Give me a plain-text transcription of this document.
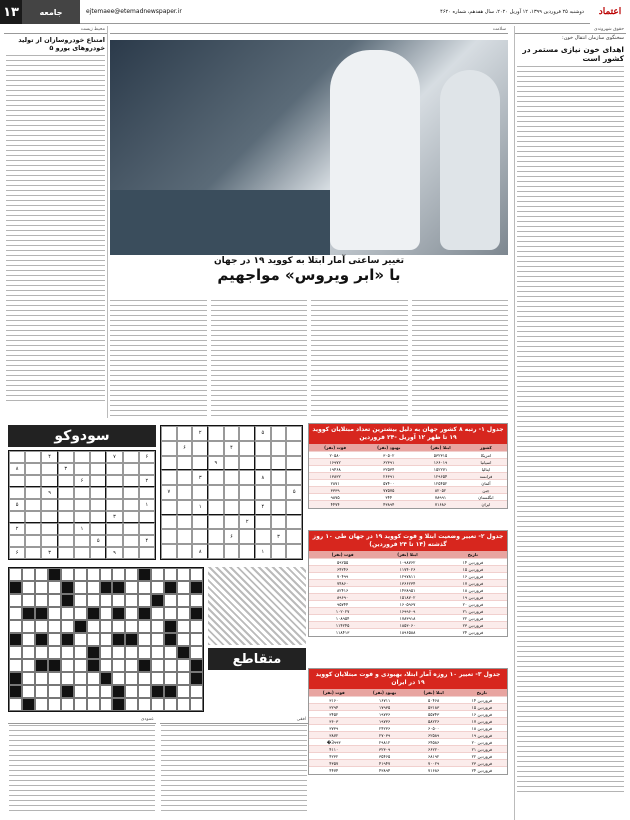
۱۳	جامعه	ejtemaee@etemadnewspaper.ir	دوشنبه ۲۵ فروردین ۱۳۹۹، ۱۲ آوریل ۲۰۲۰، سال هفدهم، شماره ۴۶۲۰	اعتماد
محیط زیست
امتناع خودروسازان از تولید خودروهای یورو ۵
سلامت
تغییر ساعتی آمار ابتلا به کووید ۱۹ در جهان
با «ابر ویروس» مواجهیم
جدول ۱- رتبه ۸ کشور جهان به دلیل بیشترین تعداد مبتلایان کووید ۱۹ تا ظهر ۱۲ آوریل -۲۴ فروردین
فوت (نفر)	بهبود (نفر)	ابتلا (نفر)	کشور
۲۰۵۸۰	۳۰۵۰۲	۵۳۲۳۱۵	امریکا
۱۶۹۷۲	۶۲۳۹۱	۱۶۶۰۱۹	اسپانیا
۱۹۴۶۸	۳۲۵۳۴	۱۵۲۲۷۱	ایتالیا
۱۳۸۳۲	۲۶۳۹۱	۱۲۹۶۵۴	فرانسه
۲۸۷۱	۵۷۴۰۰	۱۲۵۴۵۲	آلمان
۳۳۳۹	۷۷۵۷۵	۸۲۰۵۲	چین
۹۸۷۵	۳۴۴	۷۸۹۹۱	انگلستان
۴۴۷۴	۴۳۸۹۴	۷۱۶۸۶	ایران
جدول ۲- تغییر وضعیت ابتلا و فوت کووید ۱۹ در جهان طی ۱۰ روز گذشته (۱۴ تا ۲۴ فروردین)
فوت (نفر)	ابتلا (نفر)	تاریخ
۵۹۲۵۵	۱۰۹۸۷۶۲	۱۴ فروردین
۶۴۲۴۶	۱۱۷۴۰۲۶	۱۵ فروردین
۷۰۴۹۹	۱۲۹۷۸۱۱	۱۶ فروردین
۷۴۸۶۰	۱۳۶۶۲۳۴	۱۷ فروردین
۸۲۴۱۶	۱۴۳۸۹۵۱	۱۸ فروردین
۸۹۶۹۰	۱۵۱۸۷۰۲	۱۹ فروردین
۹۵۷۴۴	۱۶۰۵۹۶۷	۲۰ فروردین
۱۰۲۰۲۷	۱۶۹۹۶۰۹	۲۱ فروردین
۱۰۸۹۵۴	۱۷۸۳۹۱۸	۲۲ فروردین
۱۱۴۲۴۵	۱۸۵۳۰۶۰	۲۳ فروردین
۱۱۸۴۱۳	۱۸۹۶۵۸۸	۲۴ فروردین
جدول ۳- تغییر ۱۰ روزه آمار ابتلا، بهبودی و فوت مبتلایان کووید ۱۹ در ایران
فوت (نفر)	بهبود (نفر)	ابتلا (نفر)	تاریخ
۳۱۶۰	۱۶۷۱۱	۵۰۴۶۸	۱۴ فروردین
۳۲۹۴	۱۷۹۳۵	۵۳۱۸۳	۱۵ فروردین
۳۴۵۲	۱۹۷۳۶	۵۵۷۴۳	۱۶ فروردین
۳۶۰۳	۱۹۷۳۶	۵۸۲۲۶	۱۷ فروردین
۳۷۳۹	۲۴۲۳۶	۶۰۵۰۰	۱۸ فروردین
۳۸۷۲	۲۷۰۳۹	۶۲۵۸۹	۱۹ فروردین
�3۹۹۳	۲۹۸۱۲	۶۴۵۸۶	۲۰ فروردین
۴۱۱۰	۳۲۳۰۹	۶۶۲۲۰	۲۱ فروردین
۴۲۳۲	۳۵۴۶۵	۶۸۱۹۲	۲۲ فروردین
۴۳۵۷	۴۱۹۴۷	۷۰۰۲۹	۲۳ فروردین
۴۴۷۴	۴۳۸۹۴	۷۱۶۸۶	۲۴ فروردین
سودوکو
۴	۷	۶
۸	۳
۶	۲
۹
۵	۱
۳
۲	۱
۵	۴
۶	۳	۹
۲	۵
۶	۴
۹
۳	۸
۷	۵
۱	۴
۲
۶	۳
۸	۱
متقاطع
عمودی	افقی
حقوق شهروندی
سخنگوی سازمان انتقال خون:
اهدای خون نیازی مستمر در کشور است
